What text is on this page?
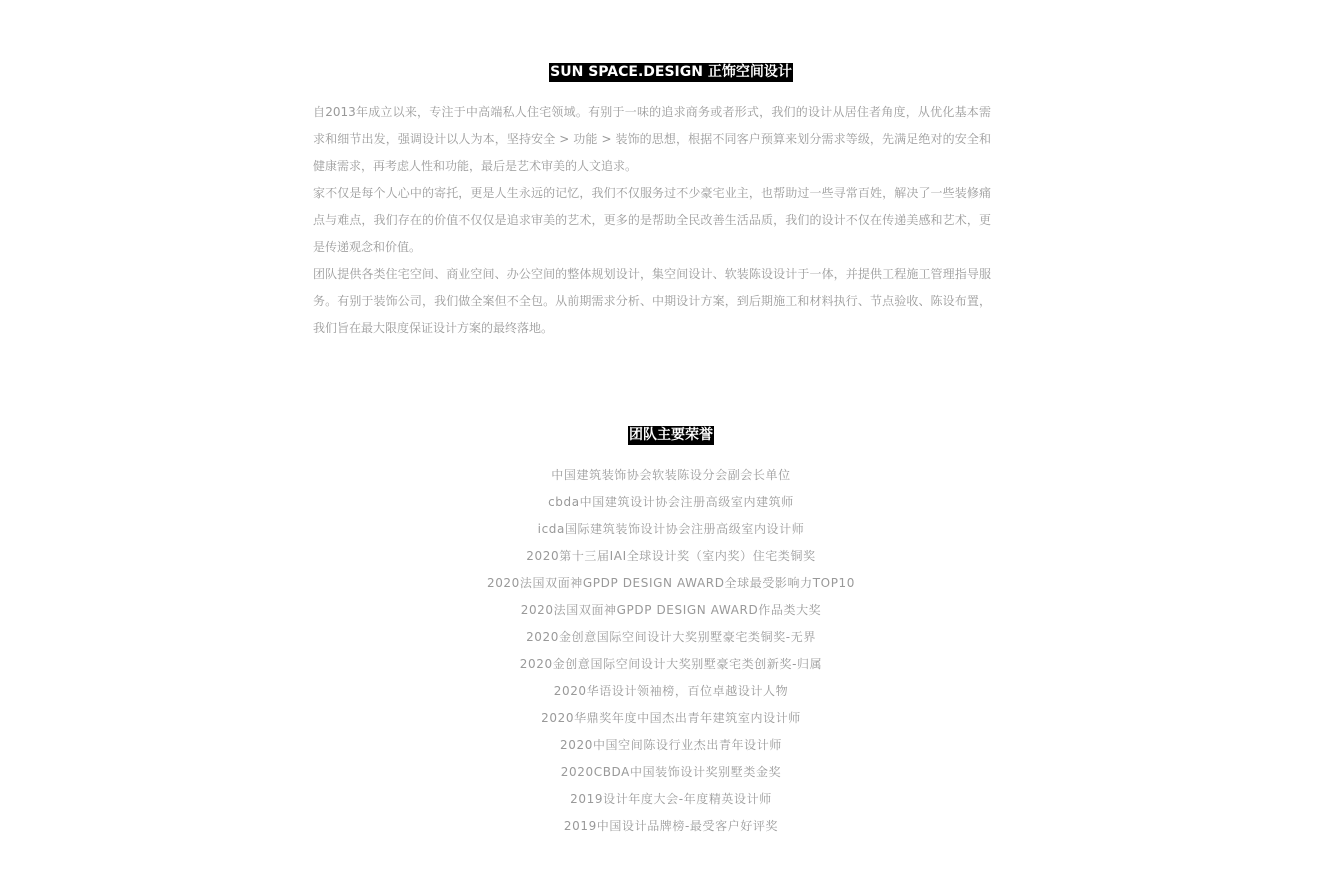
SUN SPACE.DESIGN 正饰空间设计

自2013年成立以来，专注于中高端私人住宅领域。有别于一味的追求商务或者形式，我们的设计从居住者角度，从优化基本需求和细节出发，强调设计以人为本，坚持安全 > 功能 > 装饰的思想，根据不同客户预算来划分需求等级，先满足绝对的安全和健康需求，再考虑人性和功能，最后是艺术审美的人文追求。

家不仅是每个人心中的寄托，更是人生永远的记忆，我们不仅服务过不少豪宅业主，也帮助过一些寻常百姓，解决了一些装修痛点与难点，我们存在的价值不仅仅是追求审美的艺术，更多的是帮助全民改善生活品质，我们的设计不仅在传递美感和艺术，更是传递观念和价值。

团队提供各类住宅空间、商业空间、办公空间的整体规划设计，集空间设计、软装陈设设计于一体，并提供工程施工管理指导服务。有别于装饰公司，我们做全案但不全包。从前期需求分析、中期设计方案，到后期施工和材料执行、节点验收、陈设布置，我们旨在最大限度保证设计方案的最终落地。

团队主要荣誉
中国建筑装饰协会软装陈设分会副会长单位
cbda中国建筑设计协会注册高级室内建筑师
icda国际建筑装饰设计协会注册高级室内设计师
2020第十三届IAI全球设计奖（室内奖）住宅类铜奖
2020法国双面神GPDP DESIGN AWARD全球最受影响力TOP10
2020法国双面神GPDP DESIGN AWARD作品类大奖
2020金创意国际空间设计大奖别墅豪宅类铜奖-无界
2020金创意国际空间设计大奖别墅豪宅类创新奖-归属
2020华语设计领袖榜，百位卓越设计人物
2020华鼎奖年度中国杰出青年建筑室内设计师
2020中国空间陈设行业杰出青年设计师
2020CBDA中国装饰设计奖别墅类金奖
2019设计年度大会-年度精英设计师
2019中国设计品牌榜-最受客户好评奖
